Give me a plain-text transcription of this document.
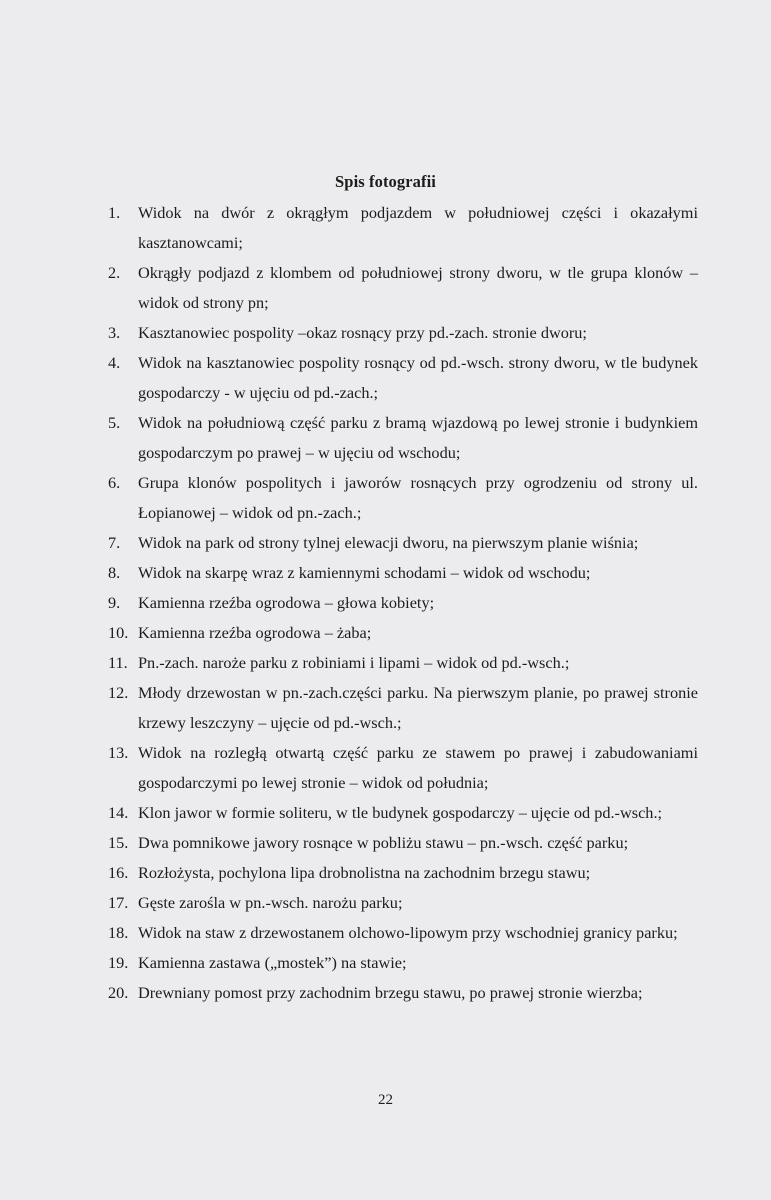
Spis fotografii
1.	Widok na dwór z okrągłym podjazdem w południowej części i okazałymi kasztanowcami;
2.	Okrągły podjazd z klombem od południowej strony dworu, w tle grupa klonów – widok od strony pn;
3.	Kasztanowiec pospolity –okaz rosnący przy pd.-zach. stronie dworu;
4.	Widok na kasztanowiec pospolity rosnący od pd.-wsch. strony dworu, w tle budynek gospodarczy - w ujęciu od pd.-zach.;
5.	Widok na południową część parku z bramą wjazdową po lewej stronie i budynkiem gospodarczym po prawej – w ujęciu od wschodu;
6.	Grupa klonów pospolitych i jaworów rosnących przy ogrodzeniu od strony ul. Łopianowej – widok od pn.-zach.;
7.	Widok na park od strony tylnej elewacji dworu, na pierwszym planie wiśnia;
8.	Widok na skarpę wraz z kamiennymi schodami – widok od wschodu;
9.	Kamienna rzeźba ogrodowa – głowa kobiety;
10. Kamienna rzeźba ogrodowa – żaba;
11. Pn.-zach. naroże parku z robiniami i lipami – widok od pd.-wsch.;
12. Młody drzewostan w pn.-zach.części parku. Na pierwszym planie, po prawej stronie krzewy leszczyny – ujęcie od pd.-wsch.;
13. Widok na rozległą otwartą część parku ze stawem po prawej i zabudowaniami gospodarczymi po lewej stronie – widok od południa;
14. Klon jawor w formie soliteru, w tle budynek gospodarczy – ujęcie od pd.-wsch.;
15. Dwa pomnikowe jawory rosnące w pobliżu stawu – pn.-wsch. część parku;
16. Rozłożysta, pochylona lipa drobnolistna na zachodnim brzegu stawu;
17. Gęste zarośla w pn.-wsch. narożu parku;
18. Widok na staw z drzewostanem olchowo-lipowym przy wschodniej granicy parku;
19. Kamienna zastawa („mostek”) na stawie;
20. Drewniany pomost przy zachodnim brzegu stawu, po prawej stronie wierzba;
22
